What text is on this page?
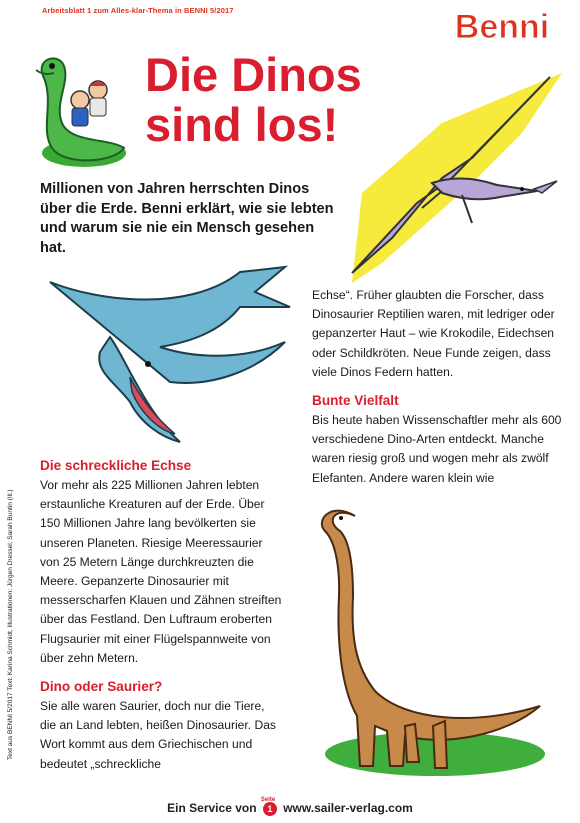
Arbeitsblatt 1 zum Alles-klar-Thema in BENNI 5/2017	Benni
Die Dinos
sind los!

Millionen von Jahren herrschten Dinos über die Erde. Benni erklärt, wie sie lebten und warum sie nie ein Mensch gesehen hat.

Echse“. Früher glaubten die Forscher, dass Dinosaurier Reptilien waren, mit ledriger oder gepanzerter Haut – wie Krokodile, Eidechsen oder Schildkröten. Neue Funde zeigen, dass viele Dinos Federn hatten.

Bunte Vielfalt

Bis heute haben Wissenschaftler mehr als 600 verschiedene Dino-Arten entdeckt. Manche waren riesig groß und wogen mehr als zwölf Elefanten. Andere waren klein wie

Die schreckliche Echse

Vor mehr als 225 Millionen Jahren lebten erstaunliche Kreaturen auf der Erde. Über 150 Millionen Jahre lang bevölkerten sie unseren Planeten. Riesige Meeressaurier von 25 Metern Länge durchkreuzten die Meere. Gepanzerte Dinosaurier mit messerscharfen Klauen und Zähnen streiften über das Festland. Den Luftraum eroberten Flugsaurier mit einer Flügelspannweite von über zehn Metern.

Dino oder Saurier?

Sie alle waren Saurier, doch nur die Tiere, die an Land lebten, heißen Dinosaurier. Das Wort kommt aus dem Griechischen und bedeutet „schreckliche

Text aus BENNI 5/2017 Text: Karina Schmidt, Illustrationen: Jürgen Dressel, Sarah Buntin (Ill.)
Ein Service von
Seite
1 www.sailer-verlag.com
